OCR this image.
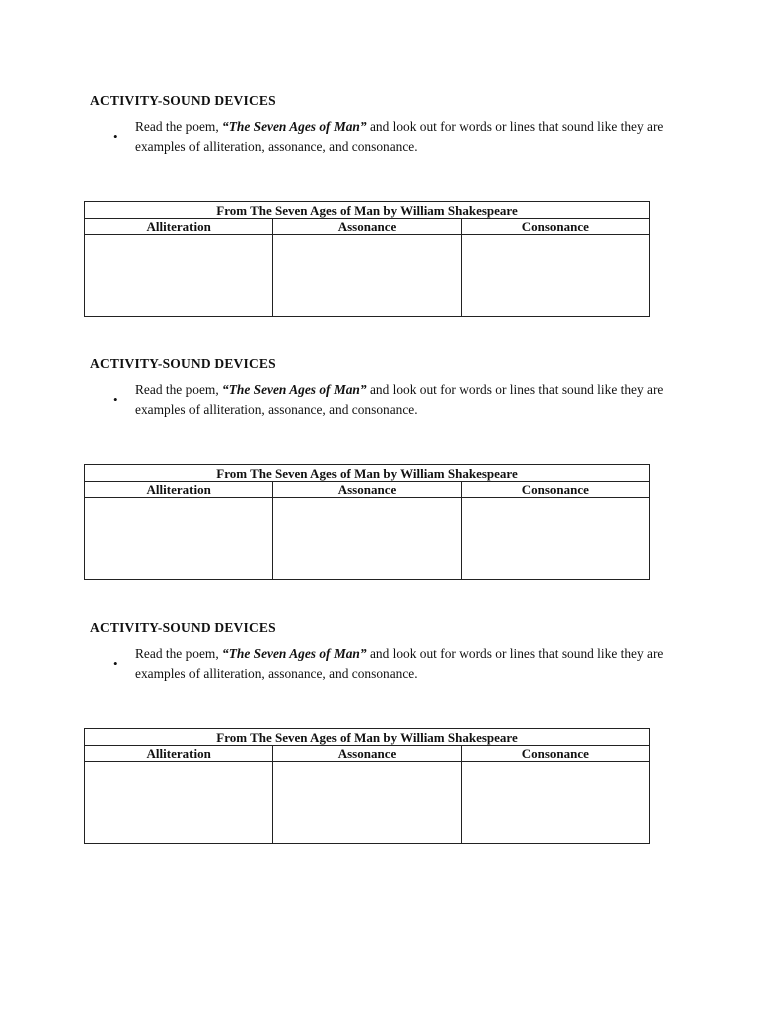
ACTIVITY-SOUND DEVICES
•

Read the poem, “The Seven Ages of Man” and look out for words or lines that sound like they are examples of alliteration, assonance, and consonance.

From The Seven Ages of Man by William Shakespeare		
Alliteration	Assonance	Consonance

ACTIVITY-SOUND DEVICES
•

Read the poem, “The Seven Ages of Man” and look out for words or lines that sound like they are examples of alliteration, assonance, and consonance.

From The Seven Ages of Man by William Shakespeare		
Alliteration	Assonance	Consonance

ACTIVITY-SOUND DEVICES
•

Read the poem, “The Seven Ages of Man” and look out for words or lines that sound like they are examples of alliteration, assonance, and consonance.

From The Seven Ages of Man by William Shakespeare		
Alliteration	Assonance	Consonance
